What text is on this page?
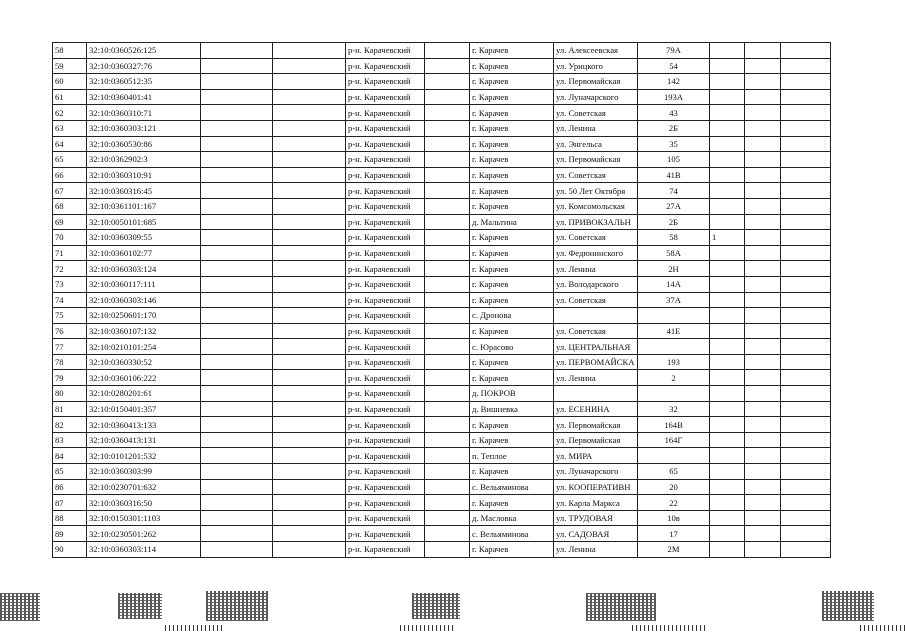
58	32:10:0360526:125			р-н. Карачевский		г. Карачев	ул. Алексеевская	79А			
59	32:10:0360327:76			р-н. Карачевский		г. Карачев	ул. Урицкого	54			
60	32:10:0360512:35			р-н. Карачевский		г. Карачев	ул. Первомайская	142			
61	32:10:0360401:41			р-н. Карачевский		г. Карачев	ул. Луначарского	193А			
62	32:10:0360310:71			р-н. Карачевский		г. Карачев	ул. Советская	43			
63	32:10:0360303:121			р-н. Карачевский		г. Карачев	ул. Ленина	2Б			
64	32:10:0360530:86			р-н. Карачевский		г. Карачев	ул. Энгельса	35			
65	32:10:0362902:3			р-н. Карачевский		г. Карачев	ул. Первомайская	105			
66	32:10:0360310:91			р-н. Карачевский		г. Карачев	ул. Советская	41В			
67	32:10:0360316:45			р-н. Карачевский		г. Карачев	ул. 50 Лет Октября	74			
68	32:10:0361101:167			р-н. Карачевский		г. Карачев	ул. Комсомольская	27А			
69	32:10:0050101:685			р-н. Карачевский		д. Мальтина	ул. ПРИВОКЗАЛЬН	2Б			
70	32:10:0360309:55			р-н. Карачевский		г. Карачев	ул. Советская	58	1		
71	32:10:0360102:77			р-н. Карачевский		г. Карачев	ул. Федюнинского	58А			
72	32:10:0360303:124			р-н. Карачевский		г. Карачев	ул. Ленина	2Н			
73	32:10:0360117:111			р-н. Карачевский		г. Карачев	ул. Володарского	14А			
74	32:10:0360303:146			р-н. Карачевский		г. Карачев	ул. Советская	37А			
75	32:10:0250601:170			р-н. Карачевский		с. Дронова					
76	32:10:0360107:132			р-н. Карачевский		г. Карачев	ул. Советская	41Е			
77	32:10:0210101:254			р-н. Карачевский		с. Юрасово	ул. ЦЕНТРАЛЬНАЯ				
78	32:10:0360330:52			р-н. Карачевский		г. Карачев	ул. ПЕРВОМАЙСКА	193			
79	32:10:0360106:222			р-н. Карачевский		г. Карачев	ул. Ленина	2			
80	32:10:0280201:61			р-н. Карачевский		д. ПОКРОВ					
81	32:10:0150401:357			р-н. Карачевский		д. Вишневка	ул. ЕСЕНИНА	32			
82	32:10:0360413:133			р-н. Карачевский		г. Карачев	ул. Первомайская	164В			
83	32:10:0360413:131			р-н. Карачевский		г. Карачев	ул. Первомайская	164Г			
84	32:10:0101201:532			р-н. Карачевский		п. Теплое	ул. МИРА				
85	32:10:0360303:99			р-н. Карачевский		г. Карачев	ул. Луначарского	65			
86	32:10:0230701:632			р-н. Карачевский		с. Вельяминова	ул. КООПЕРАТИВН	20			
87	32:10:0360316:50			р-н. Карачевский		г. Карачев	ул. Карла Маркса	22			
88	32:10:0150301:1103			р-н. Карачевский		д. Масловка	ул. ТРУДОВАЯ	10в			
89	32:10:0230501:262			р-н. Карачевский		с. Вельяминова	ул. САДОВАЯ	17			
90	32:10:0360303:114			р-н. Карачевский		г. Карачев	ул. Ленина	2М			
